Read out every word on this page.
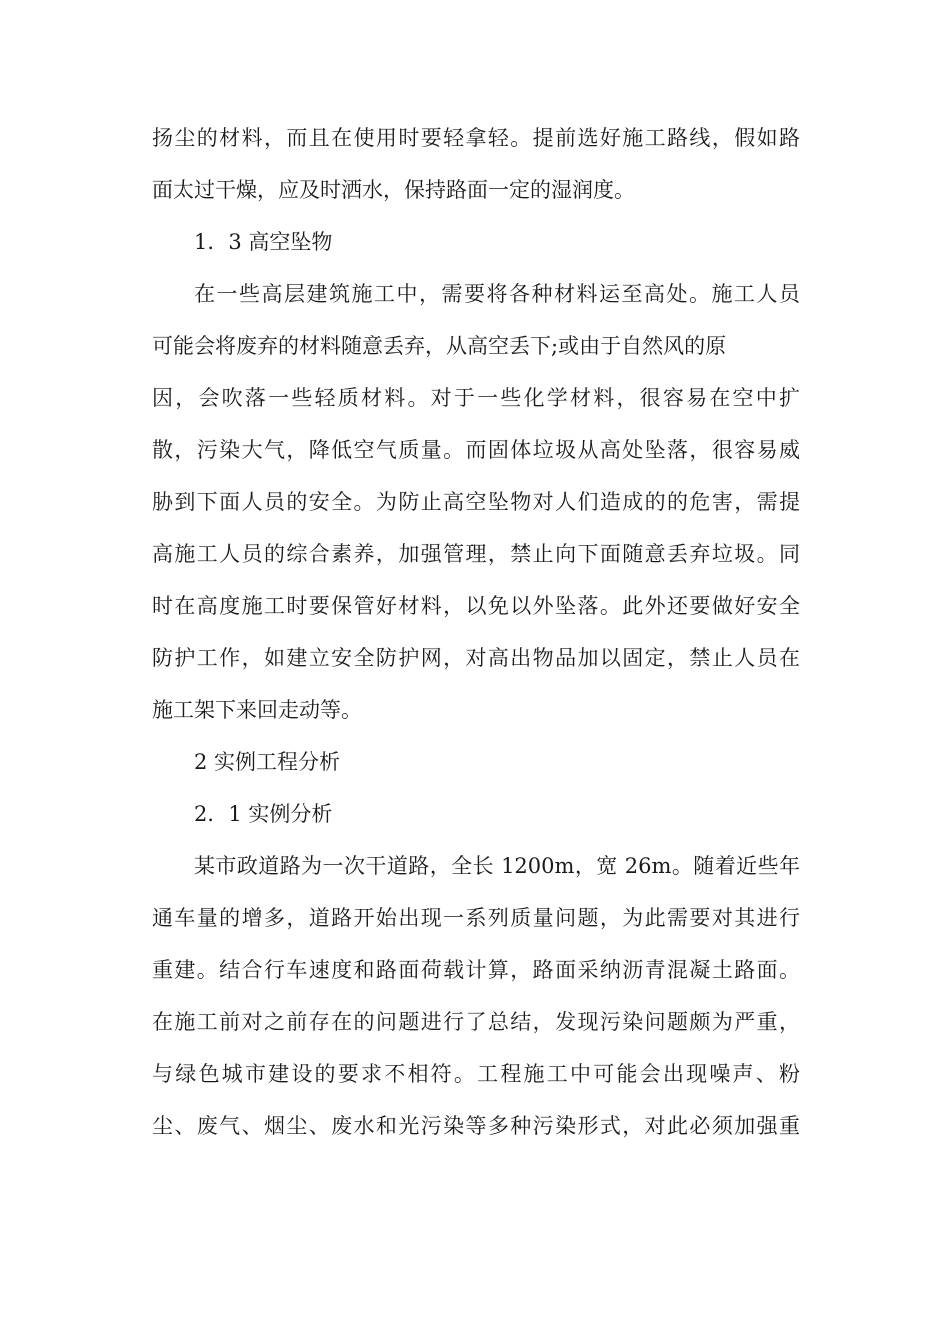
扬尘的材料，而且在使用时要轻拿轻。提前选好施工路线，假如路
面太过干燥，应及时洒水，保持路面一定的湿润度。
1．3 高空坠物
在一些高层建筑施工中，需要将各种材料运至高处。施工人员
可能会将废弃的材料随意丢弃，从高空丢下;或由于自然风的原
因，会吹落一些轻质材料。对于一些化学材料，很容易在空中扩
散，污染大气，降低空气质量。而固体垃圾从高处坠落，很容易威
胁到下面人员的安全。为防止高空坠物对人们造成的的危害，需提
高施工人员的综合素养，加强管理，禁止向下面随意丢弃垃圾。同
时在高度施工时要保管好材料，以免以外坠落。此外还要做好安全
防护工作，如建立安全防护网，对高出物品加以固定，禁止人员在
施工架下来回走动等。
2 实例工程分析
2．1 实例分析
某市政道路为一次干道路，全长 1200m，宽 26m。随着近些年
通车量的增多，道路开始出现一系列质量问题，为此需要对其进行
重建。结合行车速度和路面荷载计算，路面采纳沥青混凝土路面。
在施工前对之前存在的问题进行了总结，发现污染问题颇为严重，
与绿色城市建设的要求不相符。工程施工中可能会出现噪声、粉
尘、废气、烟尘、废水和光污染等多种污染形式，对此必须加强重
